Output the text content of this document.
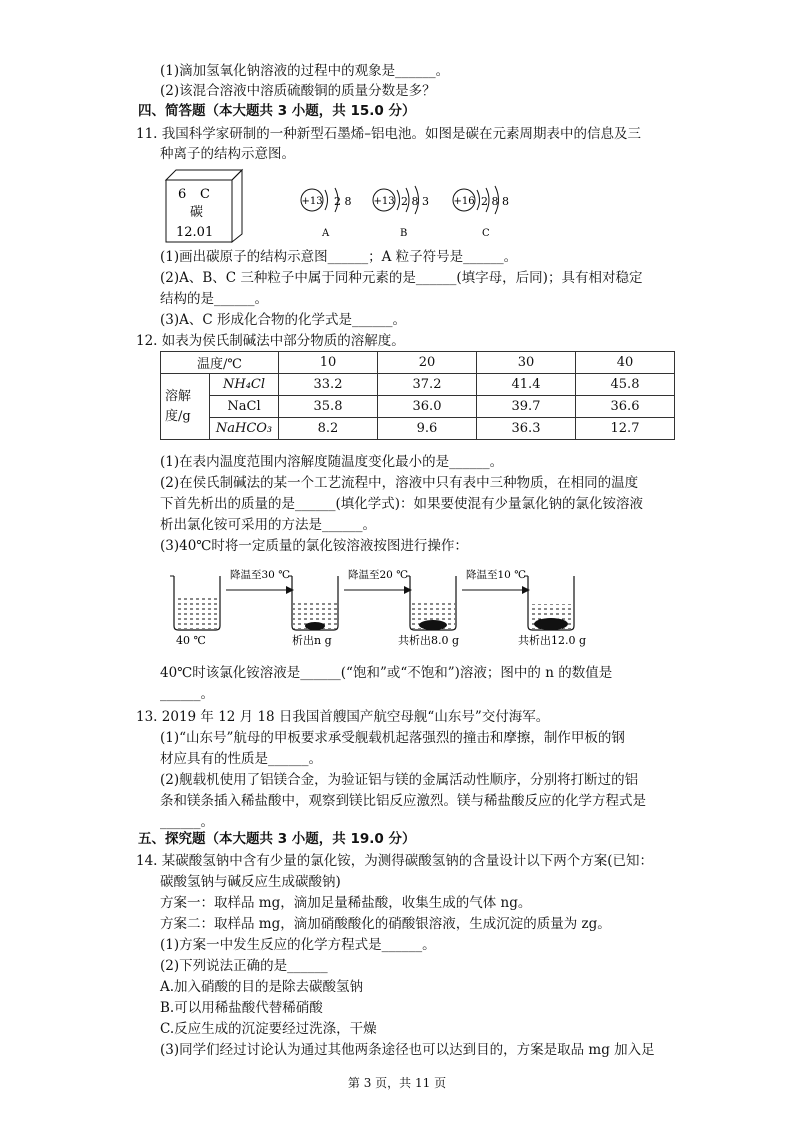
(1)滴加氢氧化钠溶液的过程中的观象是______。
(2)该混合溶液中溶质硫酸铜的质量分数是多？
四、简答题（本大题共 3 小题，共 15.0 分）
11. 我国科学家研制的一种新型石墨烯–铝电池。如图是碳在元素周期表中的信息及三
种离子的结构示意图。
6 C
碳
12.01
+13 2 8
A
+13 2 8 3
B
+16 2 8 8
C
(1)画出碳原子的结构示意图______；A 粒子符号是______。
(2)A、B、C 三种粒子中属于同种元素的是______(填字母，后同)；具有相对稳定
结构的是______。
(3)A、C 形成化合物的化学式是______。
12. 如表为侯氏制碱法中部分物质的溶解度。
温度/℃		10	20	30	40
溶解度/g	NH₄Cl	33.2	37.2	41.4	45.8
	NaCl	35.8	36.0	39.7	36.6
	NaHCO₃	8.2	9.6	36.3	12.7
(1)在表内温度范围内溶解度随温度变化最小的是______。
(2)在侯氏制碱法的某一个工艺流程中，溶液中只有表中三种物质，在相同的温度
下首先析出的质量的是______(填化学式)：如果要使混有少量氯化钠的氯化铵溶液
析出氯化铵可采用的方法是______。
(3)40℃时将一定质量的氯化铵溶液按图进行操作：
40 ℃
降温至30 ℃
析出n g
降温至20 ℃
共析出8.0 g
降温至10 ℃
共析出12.0 g
40℃时该氯化铵溶液是______(“饱和”或“不饱和”)溶液；图中的 n 的数值是
______。
13. 2019 年 12 月 18 日我国首艘国产航空母舰“山东号”交付海军。
(1)“山东号”航母的甲板要求承受舰载机起落强烈的撞击和摩擦，制作甲板的钢
材应具有的性质是______。
(2)舰载机使用了铝镁合金，为验证铝与镁的金属活动性顺序，分别将打断过的铝
条和镁条插入稀盐酸中，观察到镁比铝反应激烈。镁与稀盐酸反应的化学方程式是
______。
五、探究题（本大题共 3 小题，共 19.0 分）
14. 某碳酸氢钠中含有少量的氯化铵，为测得碳酸氢钠的含量设计以下两个方案(已知：
碳酸氢钠与碱反应生成碳酸钠)
方案一：取样品 mg，滴加足量稀盐酸，收集生成的气体 ng。
方案二：取样品 mg，滴加硝酸酸化的硝酸银溶液，生成沉淀的质量为 zg。
(1)方案一中发生反应的化学方程式是______。
(2)下列说法正确的是______
A.加入硝酸的目的是除去碳酸氢钠
B.可以用稀盐酸代替稀硝酸
C.反应生成的沉淀要经过洗涤，干燥
(3)同学们经过讨论认为通过其他两条途径也可以达到目的，方案是取品 mg 加入足
第 3 页，共 11 页
